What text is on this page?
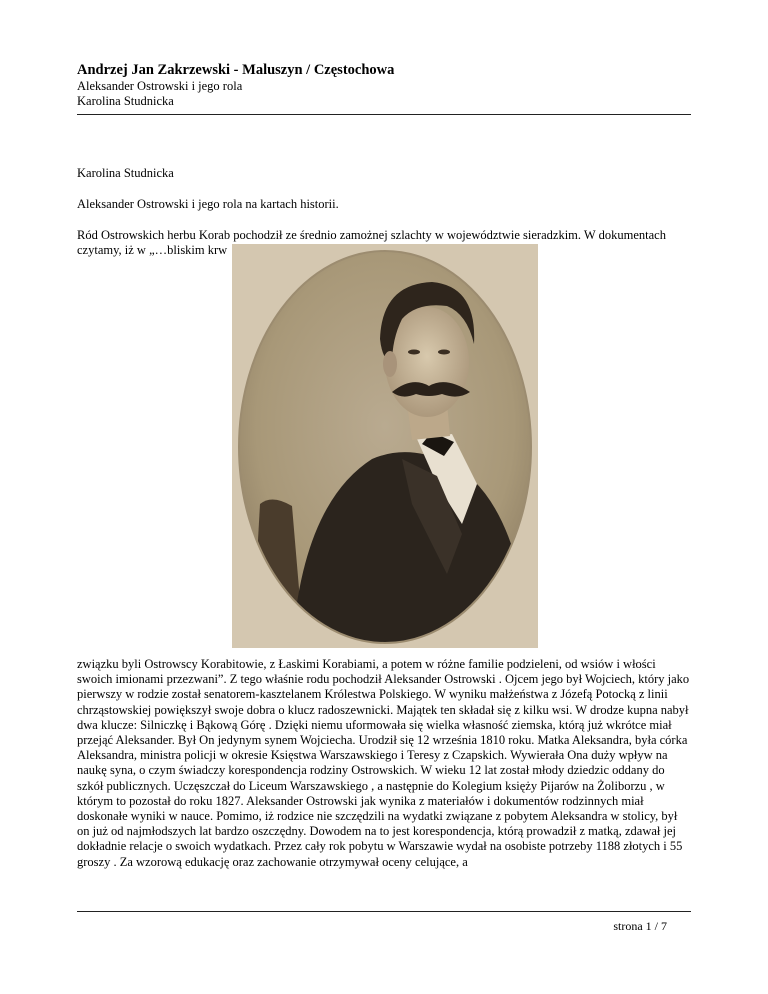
Andrzej Jan Zakrzewski - Maluszyn / Częstochowa
Aleksander Ostrowski i jego rola
Karolina Studnicka
Karolina Studnicka
Aleksander Ostrowski i jego rola na kartach historii.
Ród Ostrowskich herbu Korab pochodził ze średnio zamożnej szlachty w województwie sieradzkim. W dokumentach czytamy, iż w „…bliskim krw
związku byli Ostrowscy Korabitowie, z Łaskimi Korabiami, a potem w różne familie podzieleni, od wsiów i włości swoich imionami przezwani”. Z tego właśnie rodu pochodził Aleksander Ostrowski . Ojcem jego był Wojciech, który jako pierwszy w rodzie został senatorem-kasztelanem Królestwa Polskiego. W wyniku małżeństwa z Józefą Potocką z linii chrząstowskiej powiększył swoje dobra o klucz radoszewnicki. Majątek ten składał się z kilku wsi. W drodze kupna nabył dwa klucze: Silniczkę i Bąkową Górę . Dzięki niemu uformowała się wielka własność ziemska, którą już wkrótce miał przejąć Aleksander. Był On jedynym synem Wojciecha. Urodził się 12 września 1810 roku. Matka Aleksandra, była córka Aleksandra, ministra policji w okresie Księstwa Warszawskiego i Teresy z Czapskich. Wywierała Ona duży wpływ na naukę syna, o czym świadczy korespondencja rodziny Ostrowskich. W wieku 12 lat został młody dziedzic oddany do szkół publicznych. Uczęszczał do Liceum Warszawskiego , a następnie do Kolegium księży Pijarów na Żoliborzu , w którym to pozostał do roku 1827. Aleksander Ostrowski jak wynika z materiałów i dokumentów rodzinnych miał doskonałe wyniki w nauce. Pomimo, iż rodzice nie szczędzili na wydatki związane z pobytem Aleksandra w stolicy, był on już od najmłodszych lat bardzo oszczędny. Dowodem na to jest korespondencja, którą prowadził z matką, zdawał jej dokładnie relacje o swoich wydatkach. Przez cały rok pobytu w Warszawie wydał na osobiste potrzeby 1188 złotych i 55 groszy . Za wzorową edukację oraz zachowanie otrzymywał oceny celujące, a
strona 1 / 7
